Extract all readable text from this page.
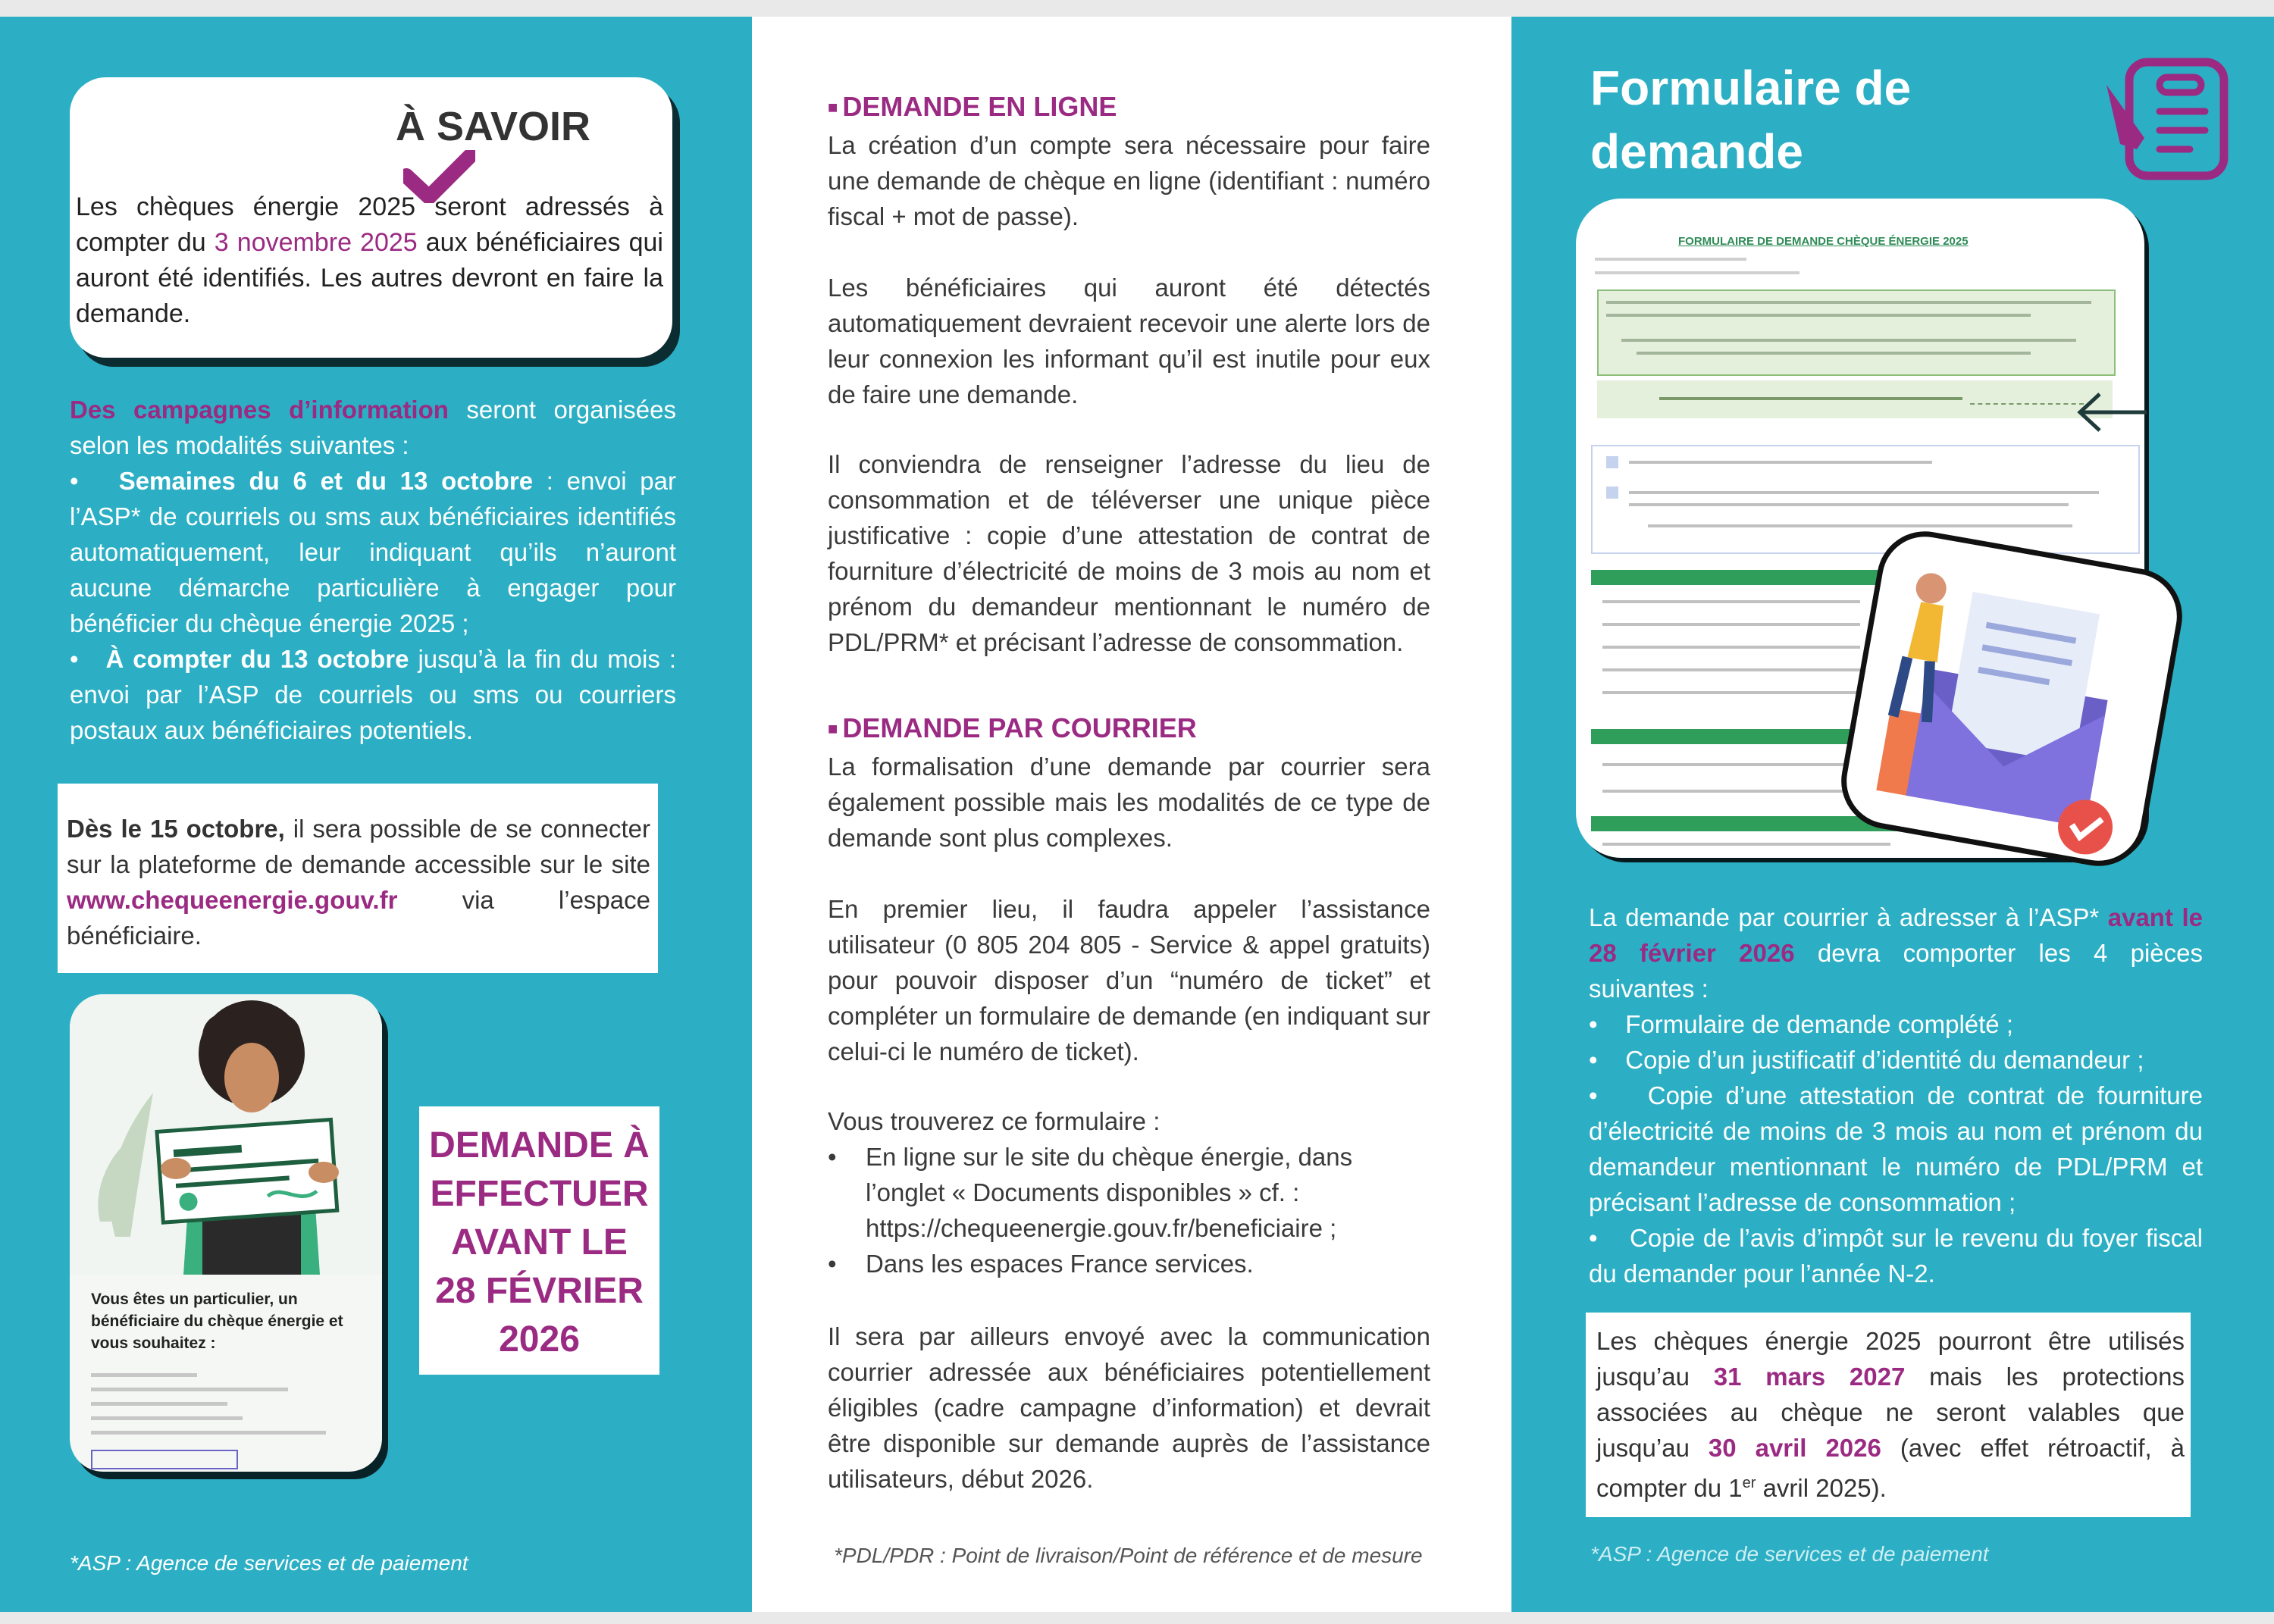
À SAVOIR
Les chèques énergie 2025 seront adressés à compter du 3 novembre 2025 aux bénéficiaires qui auront été identifiés. Les autres devront en faire la demande.

Des campagnes d’information seront organisées selon les modalités suivantes :

•   Semaines du 6 et du 13 octobre : envoi par l’ASP* de courriels ou sms aux bénéficiaires identifiés automatiquement, leur indiquant qu’ils n’auront aucune démarche particulière à engager pour bénéficier du chèque énergie 2025 ;

•   À compter du 13 octobre jusqu’à la fin du mois : envoi par l’ASP de courriels ou sms ou courriers postaux aux bénéficiaires potentiels.

Dès le 15 octobre, il sera possible de se connecter sur la plateforme de demande accessible sur le site www.chequeenergie.gouv.fr via l’espace bénéficiaire.
Vous êtes un particulier, un bénéficiaire du chèque énergie et vous souhaitez :
DEMANDE À
EFFECTUER
AVANT LE
28 FÉVRIER
2026
*ASP : Agence de services et de paiement
■ DEMANDE EN LIGNE

La création d’un compte sera nécessaire pour faire une demande de chèque en ligne (identifiant : numéro fiscal + mot de passe).

Les bénéficiaires qui auront été détectés automatiquement devraient recevoir une alerte lors de leur connexion les informant qu’il est inutile pour eux de faire une demande.

Il conviendra de renseigner l’adresse du lieu de consommation et de téléverser une unique pièce justificative : copie d’une attestation de contrat de fourniture d’électricité de moins de 3 mois au nom et prénom du demandeur mentionnant le numéro de PDL/PRM* et précisant l’adresse de consommation.

■ DEMANDE PAR COURRIER

La formalisation d’une demande par courrier sera également possible mais les modalités de ce type de demande sont plus complexes.

En premier lieu, il faudra appeler l’assistance utilisateur (0 805 204 805 - Service & appel gratuits) pour pouvoir disposer d’un “numéro de ticket” et compléter un formulaire de demande (en indiquant sur celui-ci le numéro de ticket).

Vous trouverez ce formulaire :

•	En ligne sur le site du chèque énergie, dans l’onglet « Documents disponibles » cf. : https://chequeenergie.gouv.fr/beneficiaire ;
•	Dans les espaces France services.

Il sera par ailleurs envoyé avec la communication courrier adressée aux bénéficiaires potentiellement éligibles (cadre campagne d’information) et devrait être disponible sur demande auprès de l’assistance utilisateurs, début 2026.

*PDL/PDR : Point de livraison/Point de référence et de mesure
Formulaire de
demande
FORMULAIRE DE DEMANDE CHÈQUE ÉNERGIE 2025
La demande par courrier à adresser à l’ASP* avant le 28 février 2026 devra comporter les 4 pièces suivantes :
•    Formulaire de demande complété ;
•    Copie d’un justificatif d’identité du demandeur ;
•    Copie d’une attestation de contrat de fourniture d’électricité de moins de 3 mois au nom et prénom du demandeur mentionnant le numéro de PDL/PRM et précisant l’adresse de consommation ;
•    Copie de l’avis d’impôt sur le revenu du foyer fiscal du demander pour l’année N-2.
Les chèques énergie 2025 pourront être utilisés jusqu’au 31 mars 2027 mais les protections associées au chèque ne seront valables que jusqu’au 30 avril 2026 (avec effet rétroactif, à compter du 1er avril 2025).
*ASP : Agence de services et de paiement
